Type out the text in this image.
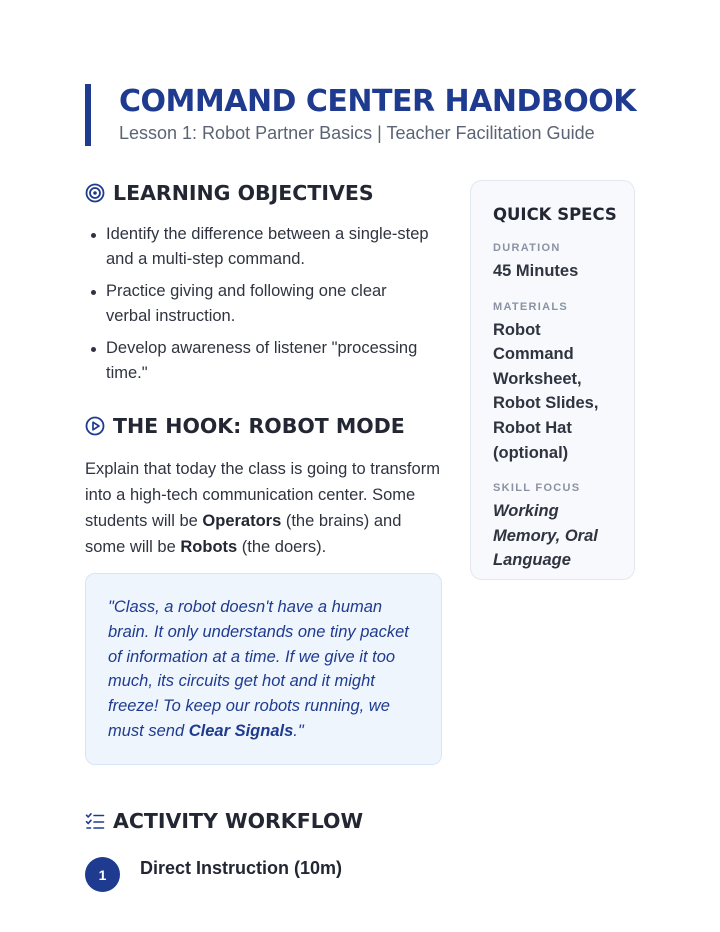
COMMAND CENTER HANDBOOK
Lesson 1: Robot Partner Basics | Teacher Facilitation Guide
LEARNING OBJECTIVES
Identify the difference between a single-step and a multi-step command.
Practice giving and following one clear verbal instruction.
Develop awareness of listener "processing time."
THE HOOK: ROBOT MODE

Explain that today the class is going to transform into a high-tech communication center. Some students will be Operators (the brains) and some will be Robots (the doers).

"Class, a robot doesn't have a human brain. It only understands one tiny packet of information at a time. If we give it too much, its circuits get hot and it might freeze! To keep our robots running, we must send Clear Signals."

QUICK SPECS
DURATION
45 Minutes
MATERIALS
Robot Command Worksheet, Robot Slides, Robot Hat (optional)
SKILL FOCUS
Working Memory, Oral Language
ACTIVITY WORKFLOW
1	Direct Instruction (10m)
